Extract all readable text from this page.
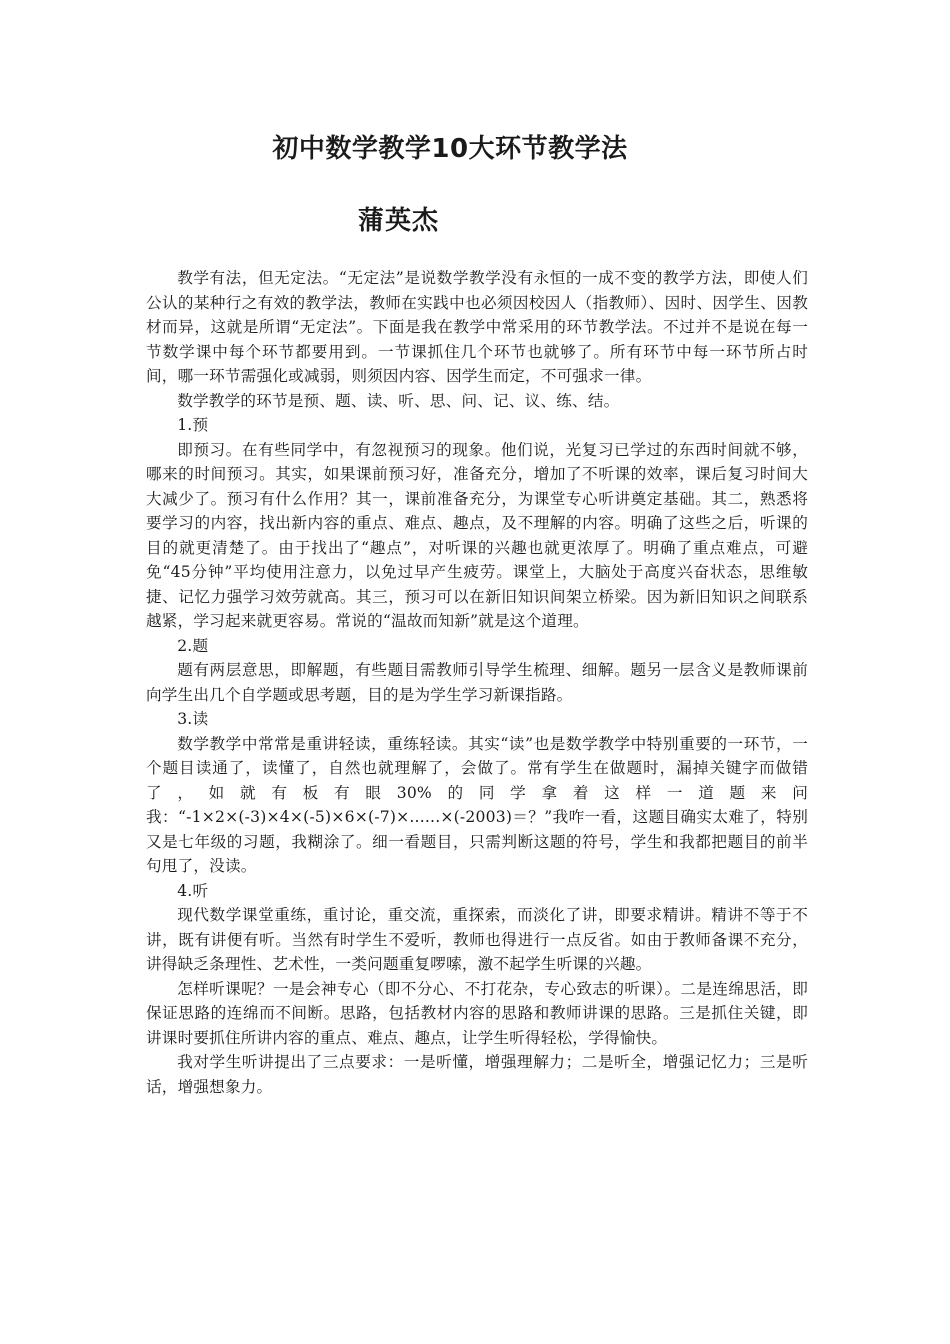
初中数学教学10大环节教学法
蒲英杰

教学有法，但无定法。“无定法”是说数学教学没有永恒的一成不变的教学方法，即使人们公认的某种行之有效的教学法，教师在实践中也必须因校因人（指教师）、因时、因学生、因教材而异，这就是所谓“无定法”。下面是我在教学中常采用的环节教学法。不过并不是说在每一节数学课中每个环节都要用到。一节课抓住几个环节也就够了。所有环节中每一环节所占时间，哪一环节需强化或减弱，则须因内容、因学生而定，不可强求一律。

数学教学的环节是预、题、读、听、思、问、记、议、练、结。

1.预

即预习。在有些同学中，有忽视预习的现象。他们说，光复习已学过的东西时间就不够，哪来的时间预习。其实，如果课前预习好，准备充分，增加了不听课的效率，课后复习时间大大减少了。预习有什么作用？其一，课前准备充分，为课堂专心听讲奠定基础。其二，熟悉将要学习的内容，找出新内容的重点、难点、趣点，及不理解的内容。明确了这些之后，听课的目的就更清楚了。由于找出了“趣点”，对听课的兴趣也就更浓厚了。明确了重点难点，可避免“45分钟”平均使用注意力，以免过早产生疲劳。课堂上，大脑处于高度兴奋状态，思维敏捷、记忆力强学习效劳就高。其三，预习可以在新旧知识间架立桥梁。因为新旧知识之间联系越紧，学习起来就更容易。常说的“温故而知新”就是这个道理。

2.题

题有两层意思，即解题，有些题目需教师引导学生梳理、细解。题另一层含义是教师课前向学生出几个自学题或思考题，目的是为学生学习新课指路。

3.读

数学教学中常常是重讲轻读，重练轻读。其实“读”也是数学教学中特别重要的一环节，一个题目读通了，读懂了，自然也就理解了，会做了。常有学生在做题时，漏掉关键字而做错了，如就有板有眼30%的同学拿着这样一道题来问我：“-1×2×(-3)×4×(-5)×6×(-7)×......×(-2003)＝？”我咋一看，这题目确实太难了，特别又是七年级的习题，我糊涂了。细一看题目，只需判断这题的符号，学生和我都把题目的前半句甩了，没读。

4.听

现代数学课堂重练，重讨论，重交流，重探索，而淡化了讲，即要求精讲。精讲不等于不讲，既有讲便有听。当然有时学生不爱听，教师也得进行一点反省。如由于教师备课不充分，讲得缺乏条理性、艺术性，一类问题重复啰嗦，激不起学生听课的兴趣。

怎样听课呢？一是会神专心（即不分心、不打花杂，专心致志的听课）。二是连绵思活，即保证思路的连绵而不间断。思路，包括教材内容的思路和教师讲课的思路。三是抓住关键，即讲课时要抓住所讲内容的重点、难点、趣点，让学生听得轻松，学得愉快。

我对学生听讲提出了三点要求：一是听懂，增强理解力；二是听全，增强记忆力；三是听话，增强想象力。
